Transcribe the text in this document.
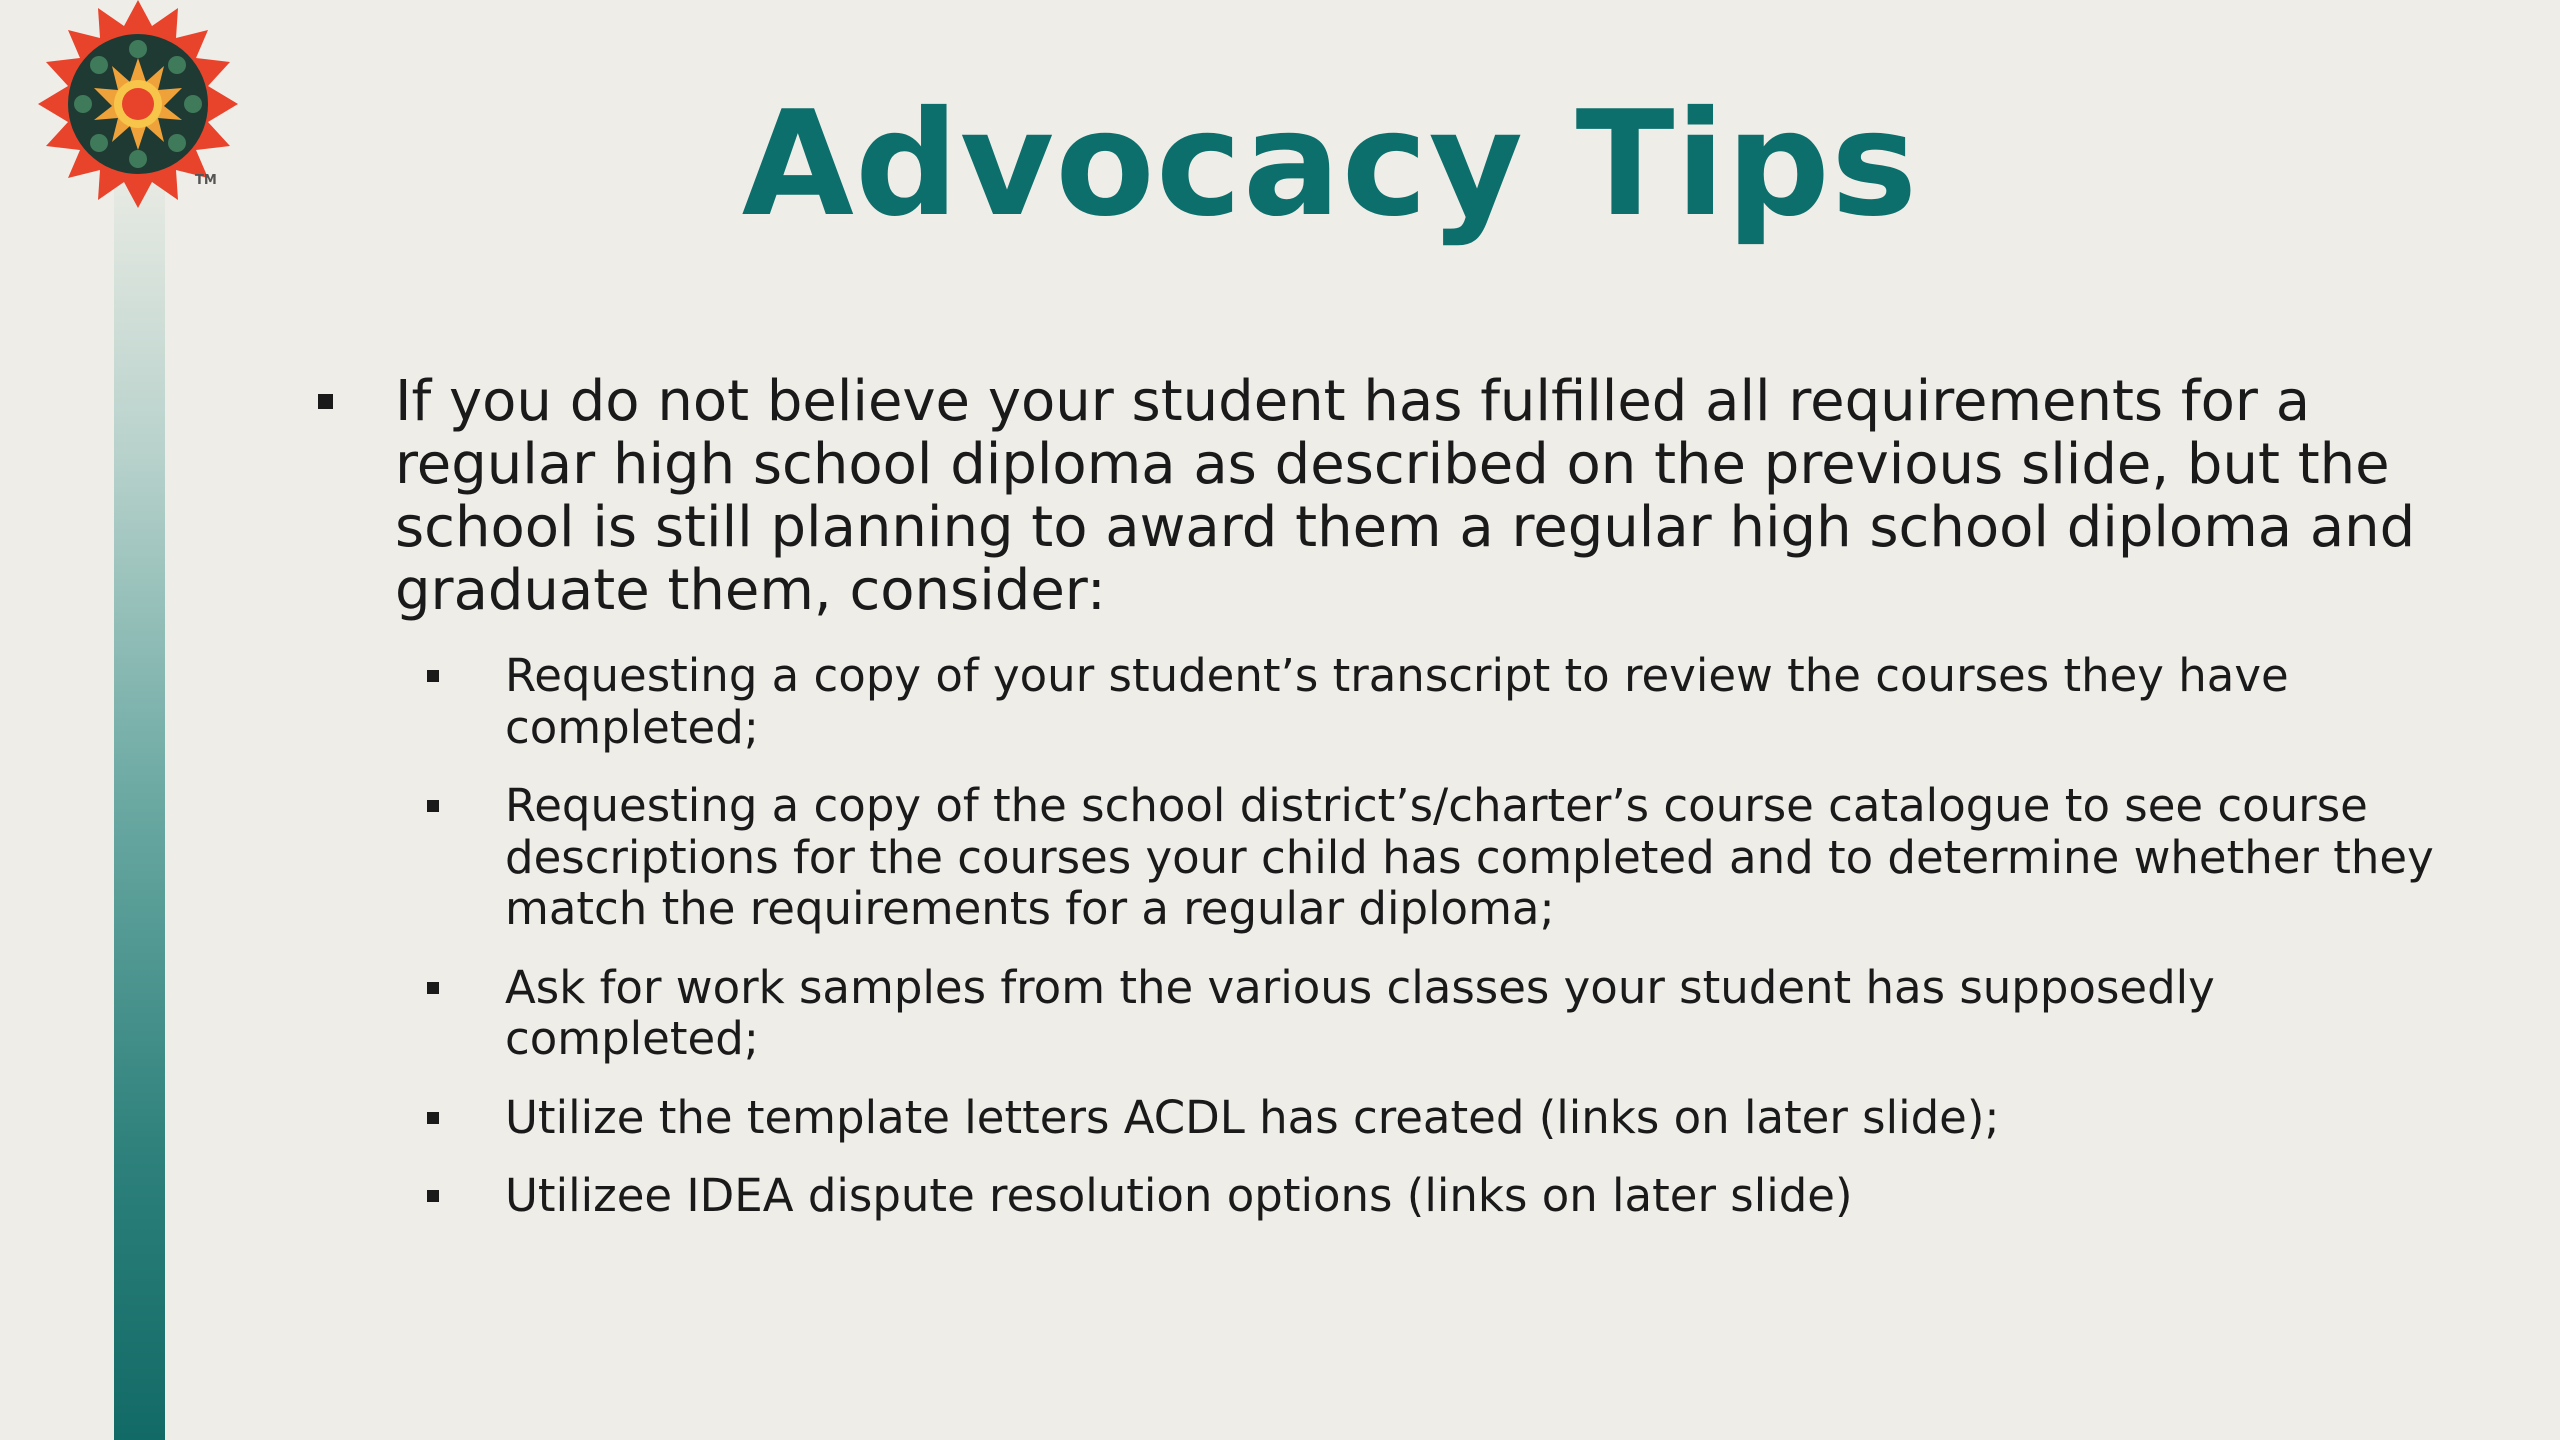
TM	Advocacy Tips
If you do not believe your student has fulfilled all requirements for a regular high school diploma as described on the previous slide, but the school is still planning to award them a regular high school diploma and graduate them, consider:
Requesting a copy of your student’s transcript to review the courses they have completed;
Requesting a copy of the school district’s/charter’s course catalogue to see course descriptions for the courses your child has completed and to determine whether they match the requirements for a regular diploma;
Ask for work samples from the various classes your student has supposedly completed;
Utilize the template letters ACDL has created (links on later slide);
Utilizee IDEA dispute resolution options (links on later slide)
